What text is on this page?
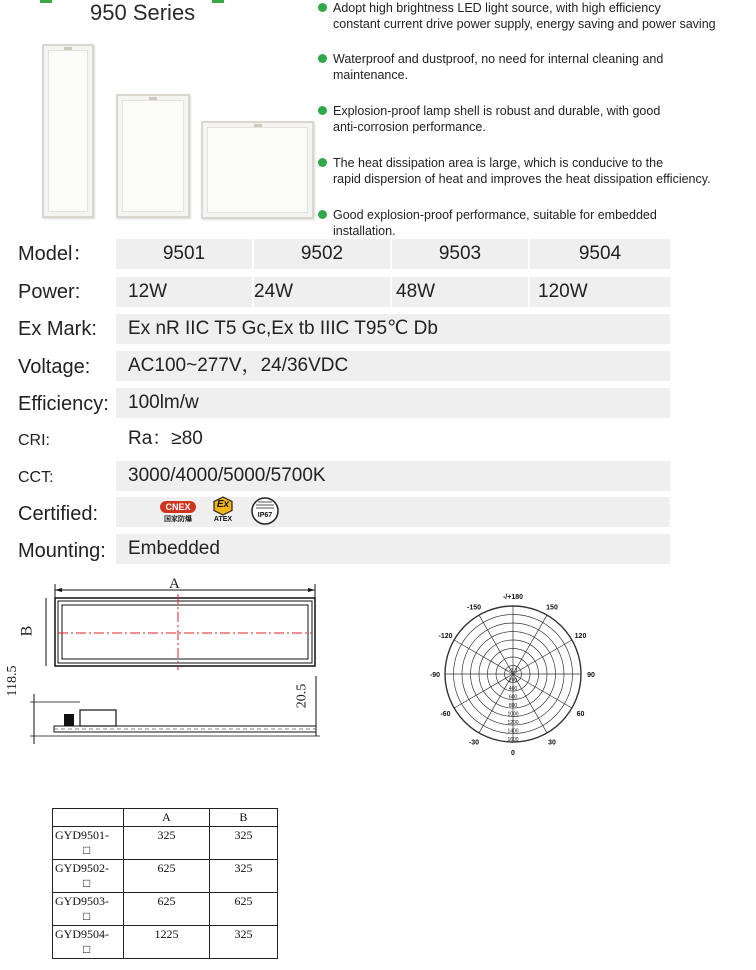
950 Series	Adopt high brightness LED light source, with high efficiency
constant current drive power supply, energy saving and power saving
Waterproof and dustproof, no need for internal cleaning and
maintenance.
Explosion-proof lamp shell is robust and durable, with good
anti-corrosion performance.
The heat dissipation area is large, which is conducive to the
rapid dispersion of heat and improves the heat dissipation efficiency.
Good explosion-proof performance, suitable for embedded
installation.
Model：	9501	9502	9503	9504
Power:	12W	24W	48W	120W
Ex Mark:	Ex nR IIC T5 Gc,Ex tb IIIC T95℃ Db
Voltage:	AC100~277V，24/36VDC
Efficiency:	100lm/w
CRI:	Ra：≥80
CCT:	3000/4000/5000/5700K
Certified:	CNEX
国家防爆
Ex
ATEX
IP67
Mounting:	Embedded
A
B
118.5	20.5
-/+180
-150	150
-120	120
-90	90
-60	60
-30	30
0
200
400
600
800
1000
1200
1400
1600
-9.3
	A	B
GYD9501-
□	325	325
GYD9502-
□	625	325
GYD9503-
□	625	625
GYD9504-
□	1225	325
